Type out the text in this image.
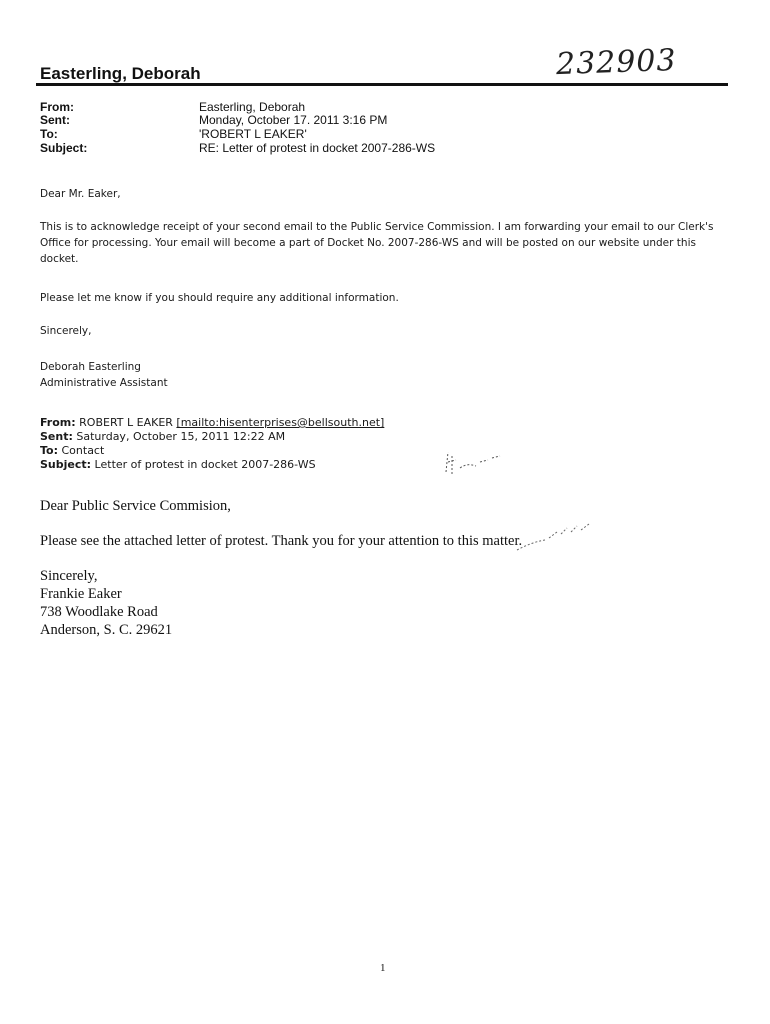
232903
Easterling, Deborah
From:	Easterling, Deborah
Sent:	Monday, October 17. 2011 3:16 PM
To:	'ROBERT L EAKER'
Subject:	RE: Letter of protest in docket 2007-286-WS
Dear Mr. Eaker,
This is to acknowledge receipt of your second email to the Public Service Commission. I am forwarding your email to our Clerk's Office for processing. Your email will become a part of Docket No. 2007-286-WS and will be posted on our website under this docket.
Please let me know if you should require any additional information.
Sincerely,
Deborah Easterling
Administrative Assistant
From: ROBERT L EAKER [mailto:hisenterprises@bellsouth.net]
Sent: Saturday, October 15, 2011 12:22 AM
To: Contact
Subject: Letter of protest in docket 2007-286-WS
Dear Public Service Commision,
Please see the attached letter of protest. Thank you for your attention to this matter.
Sincerely,
Frankie Eaker
738 Woodlake Road
Anderson, S. C. 29621
1
